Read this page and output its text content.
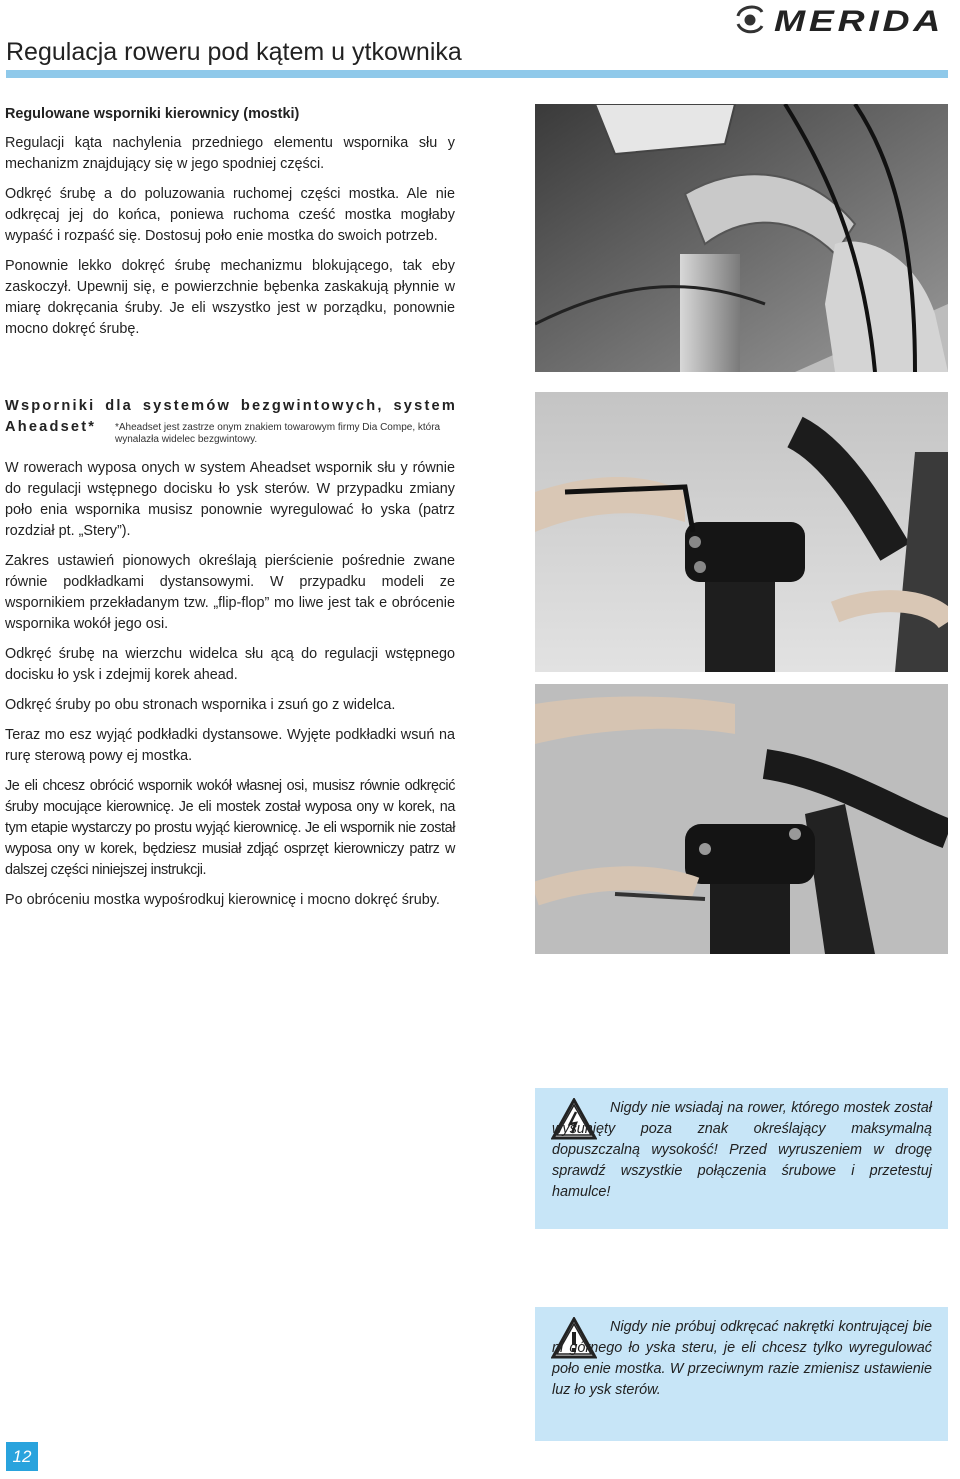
Regulacja roweru pod kątem u ytkownika
MERIDA
Regulowane wsporniki kierownicy (mostki)

Regulacji kąta nachylenia przedniego elementu wspornika słu y mechanizm znajdujący się w jego spodniej części.

Odkręć śrubę a do poluzowania ruchomej części mostka. Ale nie odkręcaj jej do końca, poniewa ruchoma cześć mostka mogłaby wypaść i rozpaść się. Dostosuj poło enie mostka do swoich potrzeb.

Ponownie lekko dokręć śrubę mechanizmu blokującego, tak eby zaskoczył. Upewnij się, e powierzchnie bębenka zaskakują płynnie w miarę dokręcania śruby. Je eli wszystko jest w porządku, ponownie mocno dokręć śrubę.

Wsporniki dla systemów bezgwintowych, system
Aheadset* *Aheadset jest zastrze onym znakiem towarowym firmy Dia Compe, która wynalazła widelec bezgwintowy.

W rowerach wyposa onych w system Aheadset wspornik słu y równie do regulacji wstępnego docisku ło ysk sterów. W przypadku zmiany poło enia wspornika musisz ponownie wyregulować ło yska (patrz rozdział pt. „Stery”).

Zakres ustawień pionowych określają pierścienie pośrednie zwane równie podkładkami dystansowymi. W przypadku modeli ze wspornikiem przekładanym tzw. „flip-flop” mo liwe jest tak e obrócenie wspornika wokół jego osi.

Odkręć śrubę na wierzchu widelca słu ącą do regulacji wstępnego docisku ło ysk i zdejmij korek ahead.

Odkręć śruby po obu stronach wspornika i zsuń go z widelca.

Teraz mo esz wyjąć podkładki dystansowe. Wyjęte podkładki wsuń na rurę sterową powy ej mostka.

Je eli chcesz obrócić wspornik wokół własnej osi, musisz równie odkręcić śruby mocujące kierownicę. Je eli mostek został wyposa ony w korek, na tym etapie wystarczy po prostu wyjąć kierownicę. Je eli wspornik nie został wyposa ony w korek, będziesz musiał zdjąć osprzęt kierowniczy patrz w dalszej części niniejszej instrukcji.

Po obróceniu mostka wypośrodkuj kierownicę i mocno dokręć śruby.

Nigdy nie wsiadaj na rower, którego mostek został wysunięty poza znak określający maksymalną dopuszczalną wysokość! Przed wyruszeniem w drogę sprawdź wszystkie połączenia śrubowe i przetestuj hamulce!

Nigdy nie próbuj odkręcać nakrętki kontrującej bie ni górnego ło yska steru, je eli chcesz tylko wyregulować poło enie mostka. W przeciwnym razie zmienisz ustawienie luz ło ysk sterów.

12
